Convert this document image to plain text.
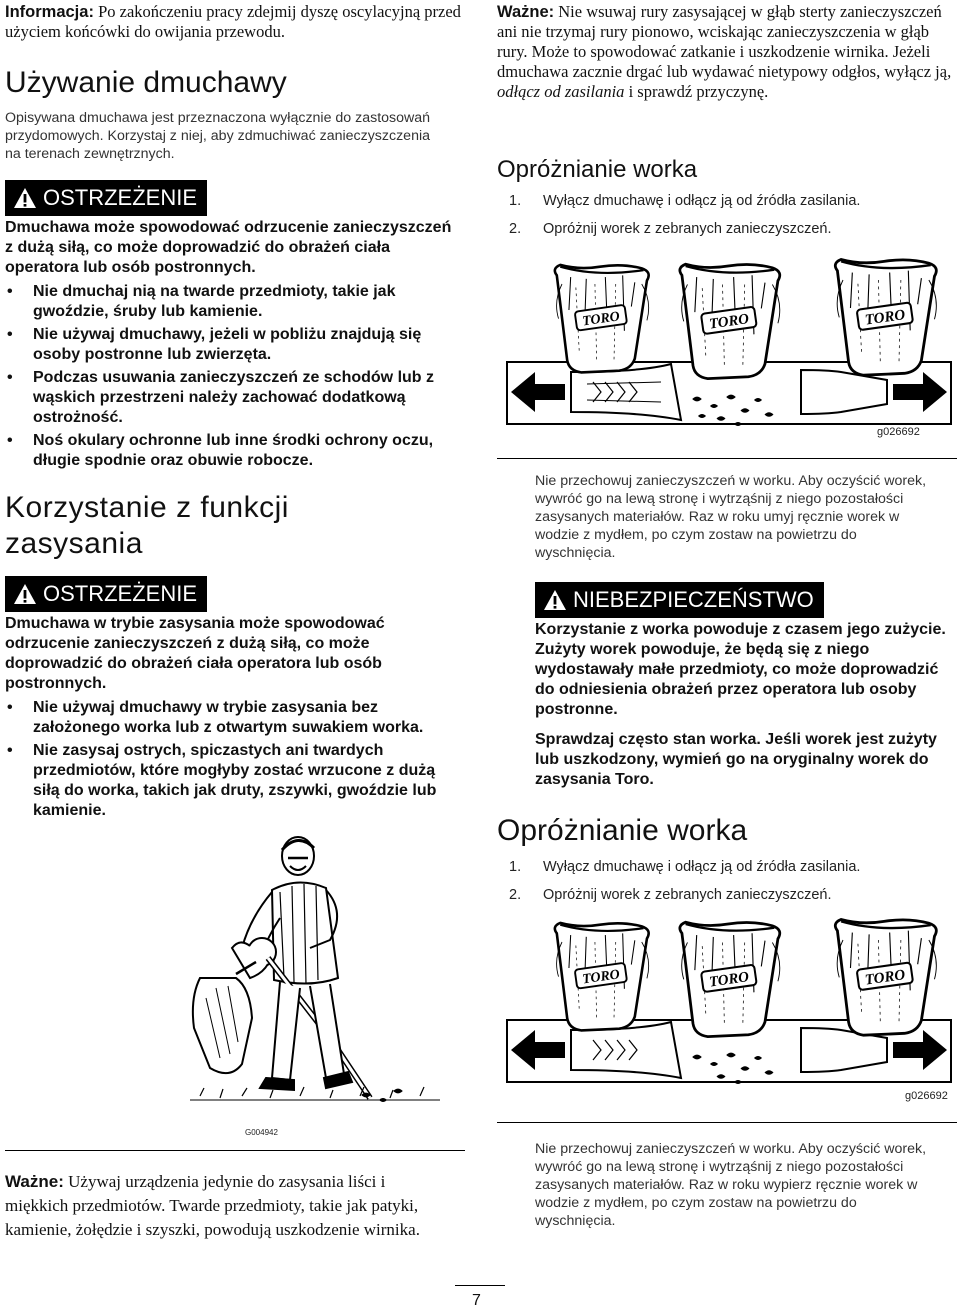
Informacja: Po zakończeniu pracy zdejmij dyszę oscylacyjną przed użyciem końcówki do owijania przewodu.

Używanie dmuchawy

Opisywana dmuchawa jest przeznaczona wyłącznie do zastosowań przydomowych. Korzystaj z niej, aby zdmuchiwać zanieczyszczenia na terenach zewnętrznych.

OSTRZEŻENIE

Dmuchawa może spowodować odrzucenie zanieczyszczeń z dużą siłą, co może doprowadzić do obrażeń ciała operatora lub osób postronnych.

• Nie dmuchaj nią na twarde przedmioty, takie jak gwoździe, śruby lub kamienie.
• Nie używaj dmuchawy, jeżeli w pobliżu znajdują się osoby postronne lub zwierzęta.
• Podczas usuwania zanieczyszczeń ze schodów lub z wąskich przestrzeni należy zachować dodatkową ostrożność.
• Noś okulary ochronne lub inne środki ochrony oczu, długie spodnie oraz obuwie robocze.
Korzystanie z funkcji zasysania
OSTRZEŻENIE

Dmuchawa w trybie zasysania może spowodować odrzucenie zanieczyszczeń z dużą siłą, co może doprowadzić do obrażeń ciała operatora lub osób postronnych.

• Nie używaj dmuchawy w trybie zasysania bez założonego worka lub z otwartym suwakiem worka.
• Nie zasysaj ostrych, spiczastych ani twardych przedmiotów, które mogłyby zostać wrzucone z dużą siłą do worka, takich jak druty, zszywki, gwoździe lub kamienie.
G004942

Ważne: Używaj urządzenia jedynie do zasysania liści i miękkich przedmiotów. Twarde przedmioty, takie jak patyki, kamienie, żołędzie i szyszki, powodują uszkodzenie wirnika.

Ważne: Nie wsuwaj rury zasysającej w głąb sterty zanieczyszczeń ani nie trzymaj rury pionowo, wciskając zanieczyszczenia w głąb rury. Może to spowodować zatkanie i uszkodzenie wirnika. Jeżeli dmuchawa zacznie drgać lub wydawać nietypowy odgłos, wyłącz ją, odłącz od zasilania i sprawdź przyczynę.

Opróżnianie worka
1.	Wyłącz dmuchawę i odłącz ją od źródła zasilania.
2.	Opróżnij worek z zebranych zanieczyszczeń.
g026692

Nie przechowuj zanieczyszczeń w worku. Aby oczyścić worek, wywróć go na lewą stronę i wytrząśnij z niego pozostałości zasysanych materiałów. Raz w roku umyj ręcznie worek w wodzie z mydłem, po czym zostaw na powietrzu do wyschnięcia.

NIEBEZPIECZEŃSTWO

Korzystanie z worka powoduje z czasem jego zużycie. Zużyty worek powoduje, że będą się z niego wydostawały małe przedmioty, co może doprowadzić do odniesienia obrażeń przez operatora lub osoby postronne.

Sprawdzaj często stan worka. Jeśli worek jest zużyty lub uszkodzony, wymień go na oryginalny worek do zasysania Toro.

Opróżnianie worka
1.	Wyłącz dmuchawę i odłącz ją od źródła zasilania.
2.	Opróżnij worek z zebranych zanieczyszczeń.
g026692

Nie przechowuj zanieczyszczeń w worku. Aby oczyścić worek, wywróć go na lewą stronę i wytrząśnij z niego pozostałości zasysanych materiałów. Raz w roku wypierz ręcznie worek w wodzie z mydłem, po czym zostaw na powietrzu do wyschnięcia.

7
